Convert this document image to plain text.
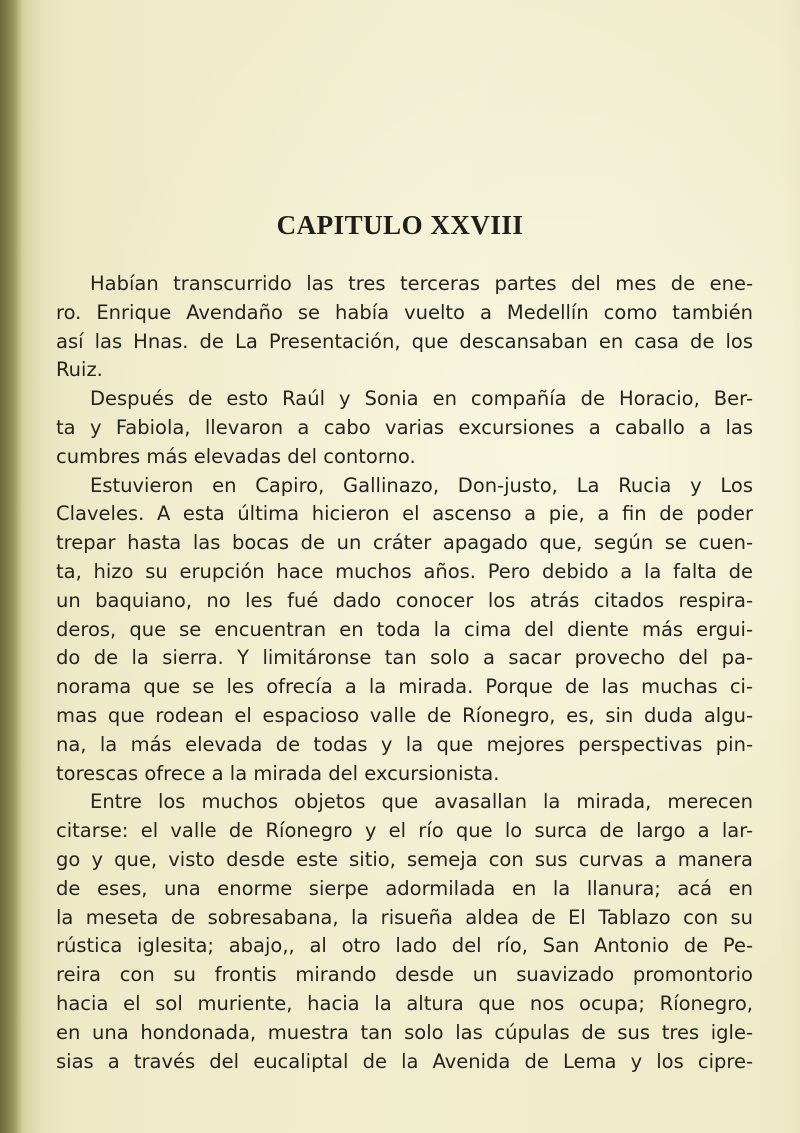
CAPITULO XXVIII
Habían transcurrido las tres terceras partes del mes de ene-
ro. Enrique Avendaño se había vuelto a Medellín como también
así las Hnas. de La Presentación, que descansaban en casa de los
Ruiz.
Después de esto Raúl y Sonia en compañía de Horacio, Ber-
ta y Fabiola, llevaron a cabo varias excursiones a caballo a las
cumbres más elevadas del contorno.
Estuvieron en Capiro, Gallinazo, Don-justo, La Rucia y Los
Claveles. A esta última hicieron el ascenso a pie, a fin de poder
trepar hasta las bocas de un cráter apagado que, según se cuen-
ta, hizo su erupción hace muchos años. Pero debido a la falta de
un baquiano, no les fué dado conocer los atrás citados respira-
deros, que se encuentran en toda la cima del diente más ergui-
do de la sierra. Y limitáronse tan solo a sacar provecho del pa-
norama que se les ofrecía a la mirada. Porque de las muchas ci-
mas que rodean el espacioso valle de Ríonegro, es, sin duda algu-
na, la más elevada de todas y la que mejores perspectivas pin-
torescas ofrece a la mirada del excursionista.
Entre los muchos objetos que avasallan la mirada, merecen
citarse: el valle de Ríonegro y el río que lo surca de largo a lar-
go y que, visto desde este sitio, semeja con sus curvas a manera
de eses, una enorme sierpe adormilada en la llanura; acá en
la meseta de sobresabana, la risueña aldea de El Tablazo con su
rústica iglesita; abajo,, al otro lado del río, San Antonio de Pe-
reira con su frontis mirando desde un suavizado promontorio
hacia el sol muriente, hacia la altura que nos ocupa; Ríonegro,
en una hondonada, muestra tan solo las cúpulas de sus tres igle-
sias a través del eucaliptal de la Avenida de Lema y los cipre-
